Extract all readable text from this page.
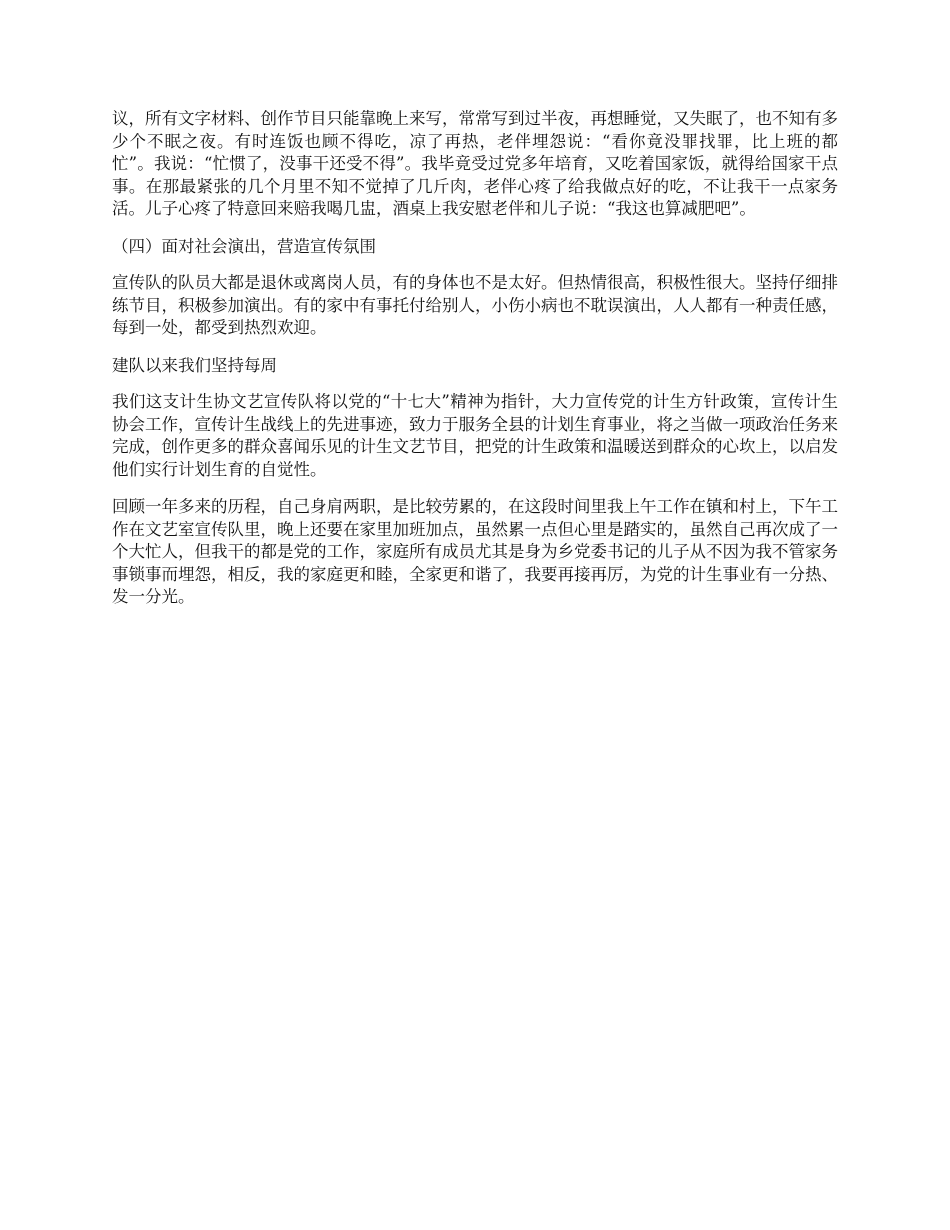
议，所有文字材料、创作节目只能靠晚上来写，常常写到过半夜，再想睡觉，又失眠了，也不知有多少个不眠之夜。有时连饭也顾不得吃，凉了再热，老伴埋怨说：“看你竟没罪找罪，比上班的都忙”。我说：“忙惯了，没事干还受不得”。我毕竟受过党多年培育，又吃着国家饭，就得给国家干点事。在那最紧张的几个月里不知不觉掉了几斤肉，老伴心疼了给我做点好的吃，不让我干一点家务活。儿子心疼了特意回来赔我喝几盅，酒桌上我安慰老伴和儿子说：“我这也算减肥吧”。

（四）面对社会演出，营造宣传氛围

宣传队的队员大都是退休或离岗人员，有的身体也不是太好。但热情很高，积极性很大。坚持仔细排练节目，积极参加演出。有的家中有事托付给别人，小伤小病也不耽误演出，人人都有一种责任感，每到一处，都受到热烈欢迎。

建队以来我们坚持每周

我们这支计生协文艺宣传队将以党的“十七大”精神为指针，大力宣传党的计生方针政策，宣传计生协会工作，宣传计生战线上的先进事迹，致力于服务全县的计划生育事业，将之当做一项政治任务来完成，创作更多的群众喜闻乐见的计生文艺节目，把党的计生政策和温暖送到群众的心坎上，以启发他们实行计划生育的自觉性。

回顾一年多来的历程，自己身肩两职，是比较劳累的，在这段时间里我上午工作在镇和村上，下午工作在文艺室宣传队里，晚上还要在家里加班加点，虽然累一点但心里是踏实的，虽然自己再次成了一个大忙人，但我干的都是党的工作，家庭所有成员尤其是身为乡党委书记的儿子从不因为我不管家务事锁事而埋怨，相反，我的家庭更和睦，全家更和谐了，我要再接再厉，为党的计生事业有一分热、发一分光。
